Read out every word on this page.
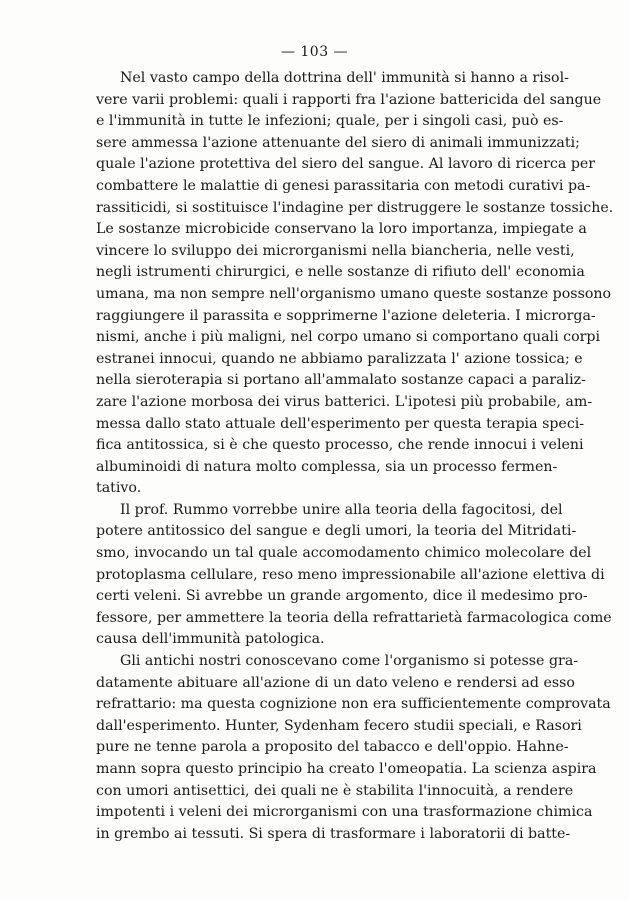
— 103 —
Nel vasto campo della dottrina dell' immunità si hanno a risol-
vere varii problemi: quali i rapporti fra l'azione battericida del sangue
e l'immunità in tutte le infezioni; quale, per i singoli casi, può es-
sere ammessa l'azione attenuante del siero di animali immunizzati;
quale l'azione protettiva del siero del sangue. Al lavoro di ricerca per
combattere le malattie di genesi parassitaria con metodi curativi pa-
rassiticidi, si sostituisce l'indagine per distruggere le sostanze tossiche.
Le sostanze microbicide conservano la loro importanza, impiegate a
vincere lo sviluppo dei microrganismi nella biancheria, nelle vesti,
negli istrumenti chirurgici, e nelle sostanze di rifiuto dell' economia
umana, ma non sempre nell'organismo umano queste sostanze possono
raggiungere il parassita e sopprimerne l'azione deleteria. I microrga-
nismi, anche i più maligni, nel corpo umano si comportano quali corpi
estranei innocui, quando ne abbiamo paralizzata l' azione tossica; e
nella sieroterapia si portano all'ammalato sostanze capaci a paraliz-
zare l'azione morbosa dei virus batterici. L'ipotesi più probabile, am-
messa dallo stato attuale dell'esperimento per questa terapia speci-
fica antitossica, si è che questo processo, che rende innocui i veleni
albuminoidi di natura molto complessa, sia un processo fermen-
tativo.
Il prof. Rummo vorrebbe unire alla teoria della fagocitosi, del
potere antitossico del sangue e degli umori, la teoria del Mitridati-
smo, invocando un tal quale accomodamento chimico molecolare del
protoplasma cellulare, reso meno impressionabile all'azione elettiva di
certi veleni. Si avrebbe un grande argomento, dice il medesimo pro-
fessore, per ammettere la teoria della refrattarietà farmacologica come
causa dell'immunità patologica.
Gli antichi nostri conoscevano come l'organismo si potesse gra-
datamente abituare all'azione di un dato veleno e rendersi ad esso
refrattario: ma questa cognizione non era sufficientemente comprovata
dall'esperimento. Hunter, Sydenham fecero studii speciali, e Rasori
pure ne tenne parola a proposito del tabacco e dell'oppio. Hahne-
mann sopra questo principio ha creato l'omeopatia. La scienza aspira
con umori antisettici, dei quali ne è stabilita l'innocuità, a rendere
impotenti i veleni dei microrganismi con una trasformazione chimica
in grembo ai tessuti. Si spera di trasformare i laboratorii di batte-
